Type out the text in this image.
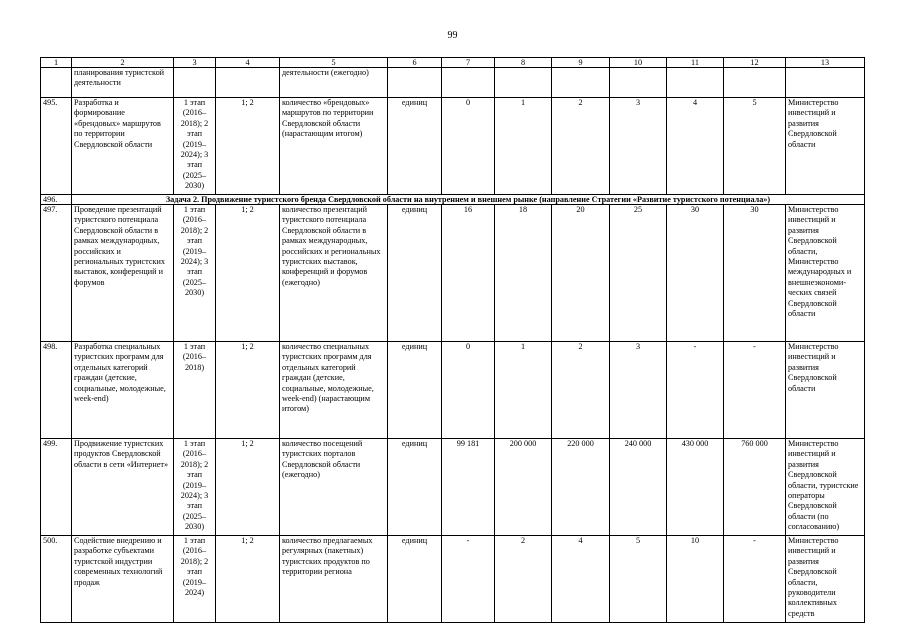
99
1	2	3	4	5	6	7	8	9	10	11	12	13
	планирования туристской деятельности			деятельности (ежегодно)								
495.	Разработка и формирование «брендовых» маршрутов по территории Свердловской области	1 этап (2016–2018); 2 этап (2019–2024); 3 этап (2025–2030)	1; 2	количество «брендовых» маршрутов по территории Свердловской области (нарастающим итогом)	единиц	0	1	2	3	4	5	Министерство инвестиций и развития Свердловской области
496.	Задача 2. Продвижение туристского бренда Свердловской области на внутреннем и внешнем рынке (направление Стратегии «Развитие туристского потенциала»)											
497.	Проведение презентаций туристского потенциала Свердловской области в рамках международных, российских и региональных туристских выставок, конференций и форумов	1 этап (2016–2018); 2 этап (2019–2024); 3 этап (2025–2030)	1; 2	количество презентаций туристского потенциала Свердловской области в рамках международных, российских и региональных туристских выставок, конференций и форумов (ежегодно)	единиц	16	18	20	25	30	30	Министерство инвестиций и развития Свердловской области, Министерство международных и внешнеэкономи-ческих связей Свердловской области
498.	Разработка специальных туристских программ для отдельных категорий граждан (детские, социальные, молодежные, week-end)	1 этап (2016–2018)	1; 2	количество специальных туристских программ для отдельных категорий граждан (детские, социальные, молодежные, week-end) (нарастающим итогом)	единиц	0	1	2	3	-	-	Министерство инвестиций и развития Свердловской области
499.	Продвижение туристских продуктов Свердловской области в сети «Интернет»	1 этап (2016–2018); 2 этап (2019–2024); 3 этап (2025–2030)	1; 2	количество посещений туристских порталов Свердловской области (ежегодно)	единиц	99 181	200 000	220 000	240 000	430 000	760 000	Министерство инвестиций и развития Свердловской области, туристские операторы Свердловской области (по согласованию)
500.	Содействие внедрению и разработке субъектами туристской индустрии современных технологий продаж	1 этап (2016–2018); 2 этап (2019–2024)	1; 2	количество предлагаемых регулярных (пакетных) туристских продуктов по территории региона	единиц	-	2	4	5	10	-	Министерство инвестиций и развития Свердловской области, руководители коллективных средств
